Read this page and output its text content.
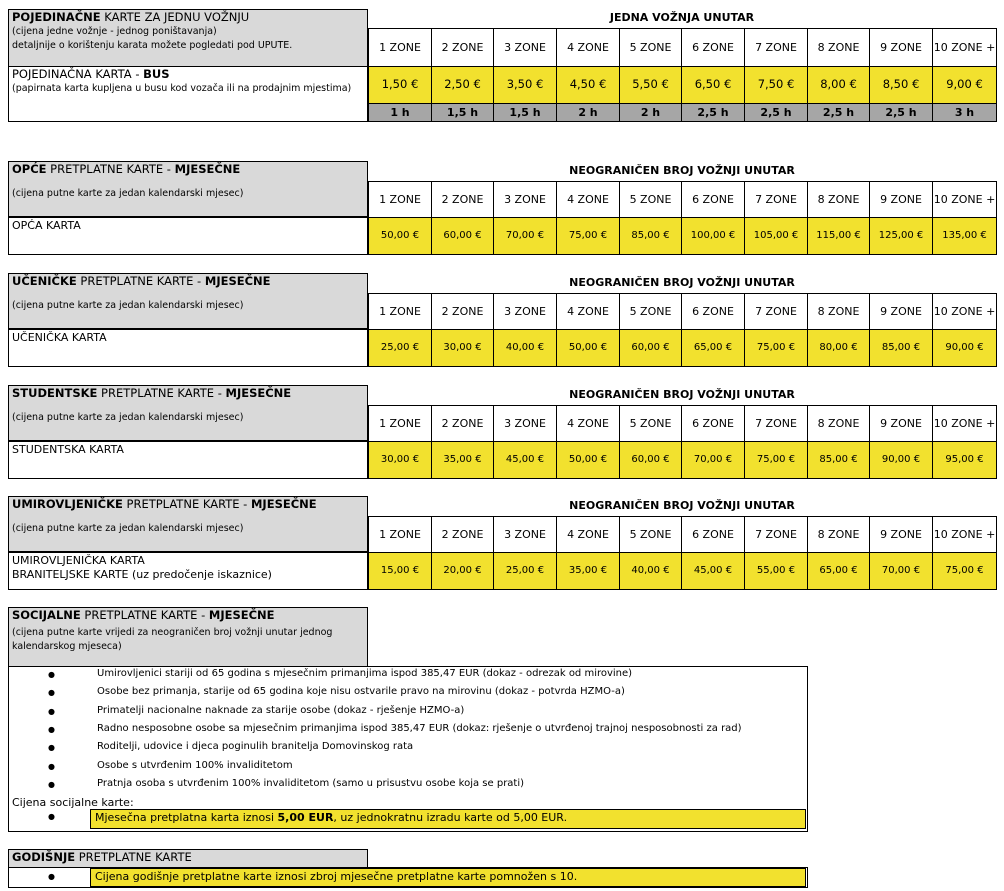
POJEDINAČNE KARTE ZA JEDNU VOŽNJU
(cijena jedne vožnje - jednog poništavanja)
detaljnije o korištenju karata možete pogledati pod UPUTE.
JEDNA VOŽNJA UNUTAR
POJEDINAČNA KARTA - BUS
(papirnata karta kupljena u busu kod vozača ili na prodajnim mjestima)
1 ZONE	2 ZONE	3 ZONE	4 ZONE	5 ZONE	6 ZONE	7 ZONE	8 ZONE	9 ZONE	10 ZONE +
1,50 €	2,50 €	3,50 €	4,50 €	5,50 €	6,50 €	7,50 €	8,00 €	8,50 €	9,00 €
1 h	1,5 h	1,5 h	2 h	2 h	2,5 h	2,5 h	2,5 h	2,5 h	3 h
OPĆE PRETPLATNE KARTE - MJESEČNE
(cijena putne karte za jedan kalendarski mjesec)
NEOGRANIČEN BROJ VOŽNJI UNUTAR
1 ZONE	2 ZONE	3 ZONE	4 ZONE	5 ZONE	6 ZONE	7 ZONE	8 ZONE	9 ZONE	10 ZONE +
50,00 €	60,00 €	70,00 €	75,00 €	85,00 €	100,00 €	105,00 €	115,00 €	125,00 €	135,00 €
OPĆA KARTA
UČENIČKE PRETPLATNE KARTE - MJESEČNE
(cijena putne karte za jedan kalendarski mjesec)
NEOGRANIČEN BROJ VOŽNJI UNUTAR
1 ZONE	2 ZONE	3 ZONE	4 ZONE	5 ZONE	6 ZONE	7 ZONE	8 ZONE	9 ZONE	10 ZONE +
25,00 €	30,00 €	40,00 €	50,00 €	60,00 €	65,00 €	75,00 €	80,00 €	85,00 €	90,00 €
UČENIČKA KARTA
STUDENTSKE PRETPLATNE KARTE - MJESEČNE
(cijena putne karte za jedan kalendarski mjesec)
NEOGRANIČEN BROJ VOŽNJI UNUTAR
1 ZONE	2 ZONE	3 ZONE	4 ZONE	5 ZONE	6 ZONE	7 ZONE	8 ZONE	9 ZONE	10 ZONE +
30,00 €	35,00 €	45,00 €	50,00 €	60,00 €	70,00 €	75,00 €	85,00 €	90,00 €	95,00 €
STUDENTSKA KARTA
UMIROVLJENIČKE PRETPLATNE KARTE - MJESEČNE
(cijena putne karte za jedan kalendarski mjesec)
NEOGRANIČEN BROJ VOŽNJI UNUTAR
1 ZONE	2 ZONE	3 ZONE	4 ZONE	5 ZONE	6 ZONE	7 ZONE	8 ZONE	9 ZONE	10 ZONE +
15,00 €	20,00 €	25,00 €	35,00 €	40,00 €	45,00 €	55,00 €	65,00 €	70,00 €	75,00 €
UMIROVLJENIČKA KARTA
BRANITELJSKE KARTE (uz predočenje iskaznice)
SOCIJALNE PRETPLATNE KARTE - MJESEČNE
(cijena putne karte vrijedi za neograničen broj vožnji unutar jednog kalendarskog mjeseca)
●	Umirovljenici stariji od 65 godina s mjesečnim primanjima ispod 385,47 EUR (dokaz - odrezak od mirovine)
●	Osobe bez primanja, starije od 65 godina koje nisu ostvarile pravo na mirovinu (dokaz - potvrda HZMO-a)
●	Primatelji nacionalne naknade za starije osobe (dokaz - rješenje HZMO-a)
●	Radno nesposobne osobe sa mjesečnim primanjima ispod 385,47 EUR (dokaz: rješenje o utvrđenoj trajnoj nesposobnosti za rad)
●	Roditelji, udovice i djeca poginulih branitelja Domovinskog rata
●	Osobe s utvrđenim 100% invaliditetom
●	Pratnja osoba s utvrđenim 100% invaliditetom (samo u prisustvu osobe koja se prati)
Cijena socijalne karte:
●	Mjesečna pretplatna karta iznosi 5,00 EUR, uz jednokratnu izradu karte od 5,00 EUR.
GODIŠNJE PRETPLATNE KARTE
●	Cijena godišnje pretplatne karte iznosi zbroj mjesečne pretplatne karte pomnožen s 10.
